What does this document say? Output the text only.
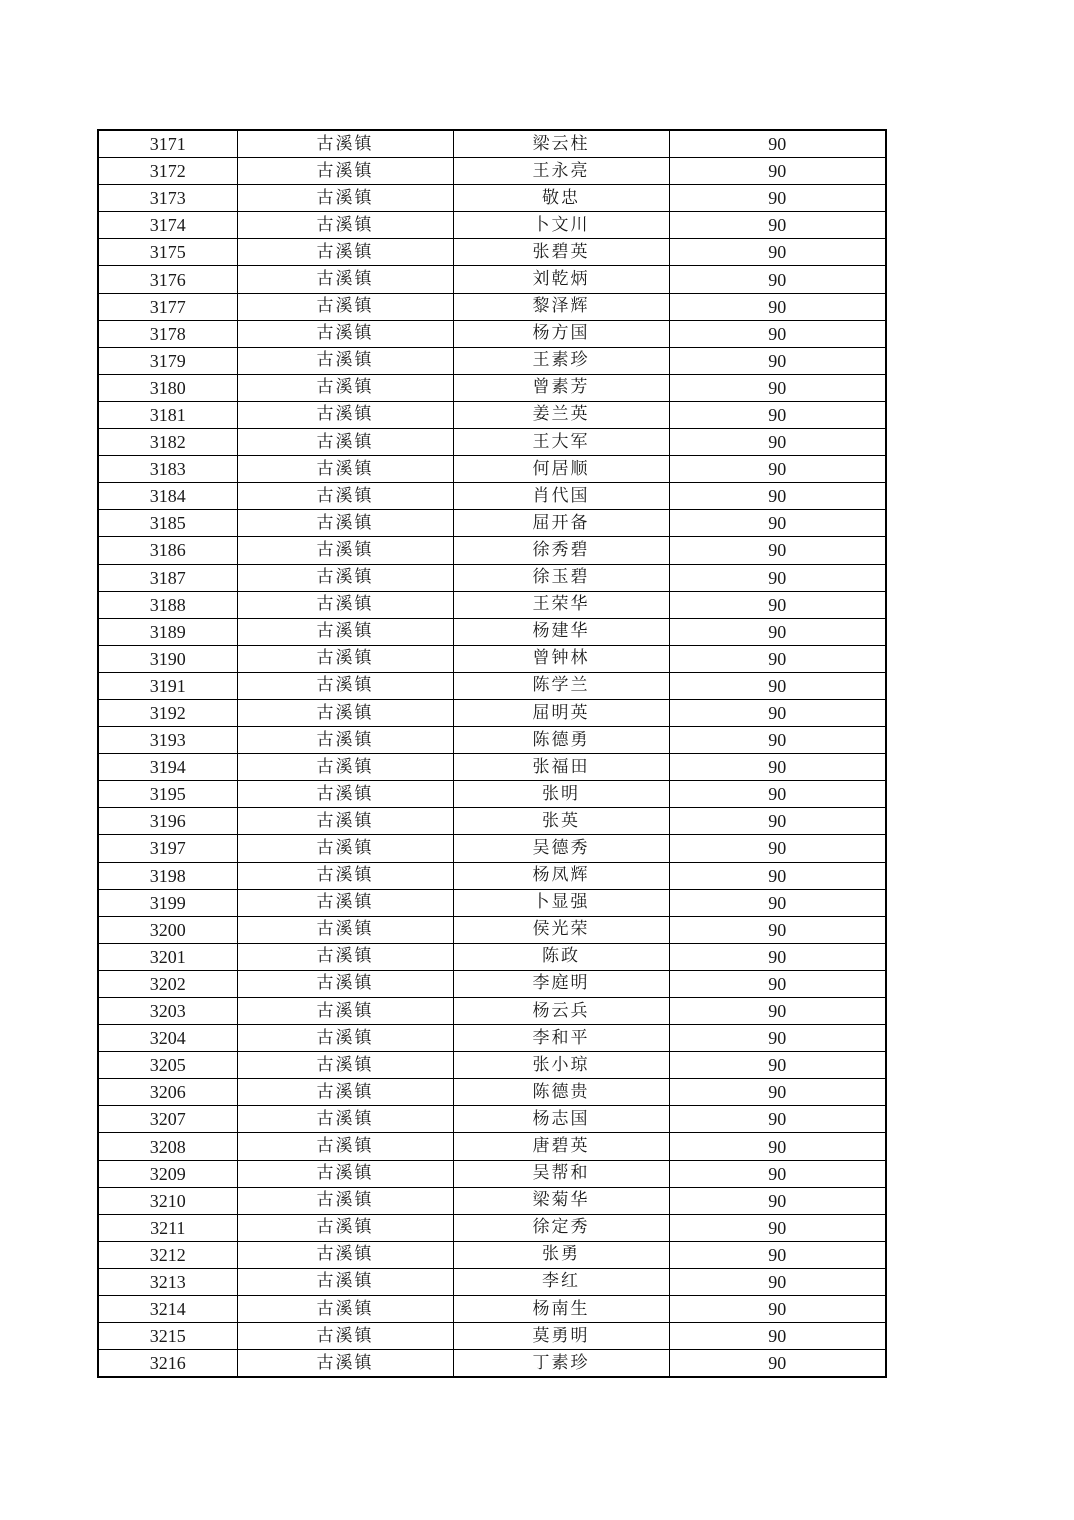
3171	古溪镇	梁云柱	90
3172	古溪镇	王永亮	90
3173	古溪镇	敬忠	90
3174	古溪镇	卜文川	90
3175	古溪镇	张碧英	90
3176	古溪镇	刘乾炳	90
3177	古溪镇	黎泽辉	90
3178	古溪镇	杨方国	90
3179	古溪镇	王素珍	90
3180	古溪镇	曾素芳	90
3181	古溪镇	姜兰英	90
3182	古溪镇	王大军	90
3183	古溪镇	何居顺	90
3184	古溪镇	肖代国	90
3185	古溪镇	屈开备	90
3186	古溪镇	徐秀碧	90
3187	古溪镇	徐玉碧	90
3188	古溪镇	王荣华	90
3189	古溪镇	杨建华	90
3190	古溪镇	曾钟林	90
3191	古溪镇	陈学兰	90
3192	古溪镇	屈明英	90
3193	古溪镇	陈德勇	90
3194	古溪镇	张福田	90
3195	古溪镇	张明	90
3196	古溪镇	张英	90
3197	古溪镇	吴德秀	90
3198	古溪镇	杨凤辉	90
3199	古溪镇	卜显强	90
3200	古溪镇	侯光荣	90
3201	古溪镇	陈政	90
3202	古溪镇	李庭明	90
3203	古溪镇	杨云兵	90
3204	古溪镇	李和平	90
3205	古溪镇	张小琼	90
3206	古溪镇	陈德贵	90
3207	古溪镇	杨志国	90
3208	古溪镇	唐碧英	90
3209	古溪镇	吴帮和	90
3210	古溪镇	梁菊华	90
3211	古溪镇	徐定秀	90
3212	古溪镇	张勇	90
3213	古溪镇	李红	90
3214	古溪镇	杨南生	90
3215	古溪镇	莫勇明	90
3216	古溪镇	丁素珍	90
